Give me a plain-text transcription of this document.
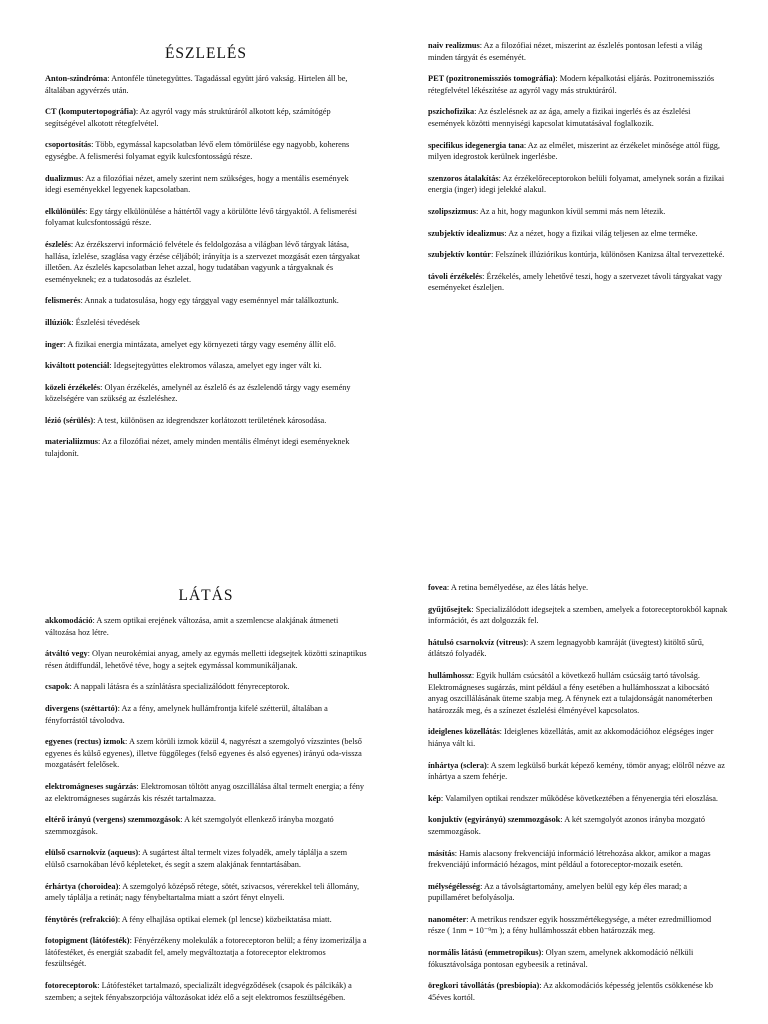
ÉSZLELÉS

Anton-szindróma: Antonféle tünetegyüttes. Tagadással együtt járó vakság. Hirtelen áll be, általában agyvérzés után.

CT (komputertopográfia): Az agyról vagy más struktúráról alkotott kép, számítógép segítségével alkotott rétegfelvétel.

csoportosítás: Több, egymással kapcsolatban lévő elem tömörülése egy nagyobb, koherens egységbe. A felismerési folyamat egyik kulcsfontosságú része.

dualizmus: Az a filozófiai nézet, amely szerint nem szükséges, hogy a mentális események idegi eseményekkel legyenek kapcsolatban.

elkülönülés: Egy tárgy elkülönülése a háttértől vagy a körülötte lévő tárgyaktól. A felismerési folyamat kulcsfontosságú része.

észlelés: Az érzékszervi információ felvétele és feldolgozása a világban lévő tárgyak látása, hallása, ízlelése, szaglása vagy érzése céljából; irányítja is a szervezet mozgását ezen tárgyakat illetően. Az észlelés kapcsolatban lehet azzal, hogy tudatában vagyunk a tárgyaknak és eseményeknek; ez a tudatosodás az észlelet.

felismerés: Annak a tudatosulása, hogy egy tárggyal vagy eseménnyel már találkoztunk.

illúziók: Észlelési tévedések

inger: A fizikai energia mintázata, amelyet egy környezeti tárgy vagy esemény állít elő.

kiváltott potenciál: Idegsejtegyüttes elektromos válasza, amelyet egy inger vált ki.

közeli érzékelés: Olyan érzékelés, amelynél az észlelő és az észlelendő tárgy vagy esemény közelségére van szükség az észleléshez.

lézió (sérülés): A test, különösen az idegrendszer korlátozott területének károsodása.

materialiizmus: Az a filozófiai nézet, amely minden mentális élményt idegi eseményeknek tulajdonít.

naiv realizmus: Az a filozófiai nézet, miszerint az észlelés pontosan lefesti a világ minden tárgyát és eseményét.

PET (pozitronemissziós tomográfia): Modern képalkotási eljárás. Pozitronemissziós rétegfelvétel lékészítése az agyról vagy más struktúráról.

pszichofizika: Az észlelésnek az az ága, amely a fizikai ingerlés és az észlelési események közötti mennyiségi kapcsolat kimutatásával foglalkozik.

specifikus idegenergia tana: Az az elmélet, miszerint az érzékelet minősége attól függ, milyen idegrostok kerülnek ingerlésbe.

szenzoros átalakítás: Az érzékelőreceptorokon belüli folyamat, amelynek során a fizikai energia (inger) idegi jelekké alakul.

szolipszizmus: Az a hit, hogy magunkon kívül semmi más nem létezik.

szubjektív idealizmus: Az a nézet, hogy a fizikai világ teljesen az elme terméke.

szubjektív kontúr: Felszínek illúziórikus kontúrja, különösen Kanizsa által tervezetteké.

távoli érzékelés: Érzékelés, amely lehetővé teszi, hogy a szervezet távoli tárgyakat vagy eseményeket észleljen.

LÁTÁS

akkomodáció: A szem optikai erejének változása, amit a szemlencse alakjának átmeneti változása hoz létre.

átváltó vegy: Olyan neurokémiai anyag, amely az egymás melletti idegsejtek közötti szinaptikus résen átdiffundál, lehetővé téve, hogy a sejtek egymással kommunikáljanak.

csapok: A nappali látásra és a színlátásra specializálódott fényreceptorok.

divergens (széttartó): Az a fény, amelynek hullámfrontja kifelé szétterül, általában a fényforrástól távolodva.

egyenes (rectus) izmok: A szem körüli izmok közül 4, nagyrészt a szemgolyó vízszintes (belső egyenes és külső egyenes), illetve függőleges (felső egyenes és alsó egyenes) irányú oda-vissza mozgatásért felelősek.

elektromágneses sugárzás: Elektromosan töltött anyag oszcillálása által termelt energia; a fény az elektromágneses sugárzás kis részét tartalmazza.

eltérő irányú (vergens) szemmozgások: A két szemgolyót ellenkező irányba mozgató szemmozgások.

elülső csarnokvíz (aqueus): A sugártest által termelt vizes folyadék, amely táplálja a szem elülső csarnokában lévő képleteket, és segít a szem alakjának fenntartásában.

érhártya (choroidea): A szemgolyó középső rétege, sötét, szivacsos, vérerekkel teli állomány, amely táplálja a retinát; nagy fénybeltartalma miatt a szórt fényt elnyeli.

fénytörés (refrakció): A fény elhajlása optikai elemek (pl lencse) közbeiktatása miatt.

fotopigment (látófesték): Fényérzékeny molekulák a fotoreceptoron belül; a fény izomerizálja a látófestéket, és energiát szabadít fel, amely megváltoztatja a fotoreceptor elektromos feszültségét.

fotoreceptorok: Látófestéket tartalmazó, specializált idegvégződések (csapok és pálcikák) a szemben; a sejtek fényabszorpciója változásokat idéz elő a sejt elektromos feszültségében.

fovea: A retina bemélyedése, az éles látás helye.

gyűjtősejtek: Specializálódott idegsejtek a szemben, amelyek a fotoreceptorokból kapnak információt, és azt dolgozzák fel.

hátulsó csarnokvíz (vitreus): A szem legnagyobb kamráját (üvegtest) kitöltő sűrű, átlátszó folyadék.

hullámhossz: Egyik hullám csúcsától a következő hullám csúcsáig tartó távolság. Elektromágneses sugárzás, mint például a fény esetében a hullámhosszat a kibocsátó anyag oszcillálásának üteme szabja meg. A fénynek ezt a tulajdonságát nanométerben határozzák meg, és a színezet észlelési élményével kapcsolatos.

ideiglenes közellátás: Ideiglenes közellátás, amit az akkomodációhoz elégséges inger hiánya vált ki.

ínhártya (sclera): A szem legkülső burkát képező kemény, tömör anyag; elölről nézve az ínhártya a szem fehérje.

kép: Valamilyen optikai rendszer működése következtében a fényenergia téri eloszlása.

konjuktív (egyirányú) szemmozgások: A két szemgolyót azonos irányba mozgató szemmozgások.

másítás: Hamis alacsony frekvenciájú információ létrehozása akkor, amikor a magas frekvenciájú információ hézagos, mint például a fotoreceptor-mozaik esetén.

mélységélesség: Az a távolságtartomány, amelyen belül egy kép éles marad; a pupillaméret befolyásolja.

nanométer: A metrikus rendszer egyik hosszmértékegysége, a méter ezredmilliomod része ( 1nm = 10⁻⁹m ); a fény hullámhosszát ebben határozzák meg.

normális látású (emmetropikus): Olyan szem, amelynek akkomodáció nélküli fókusztávolsága pontosan egybeesik a retinával.

öregkori távollátás (presbiopia): Az akkomodációs képesség jelentős csökkenése kb 45éves kortól.
